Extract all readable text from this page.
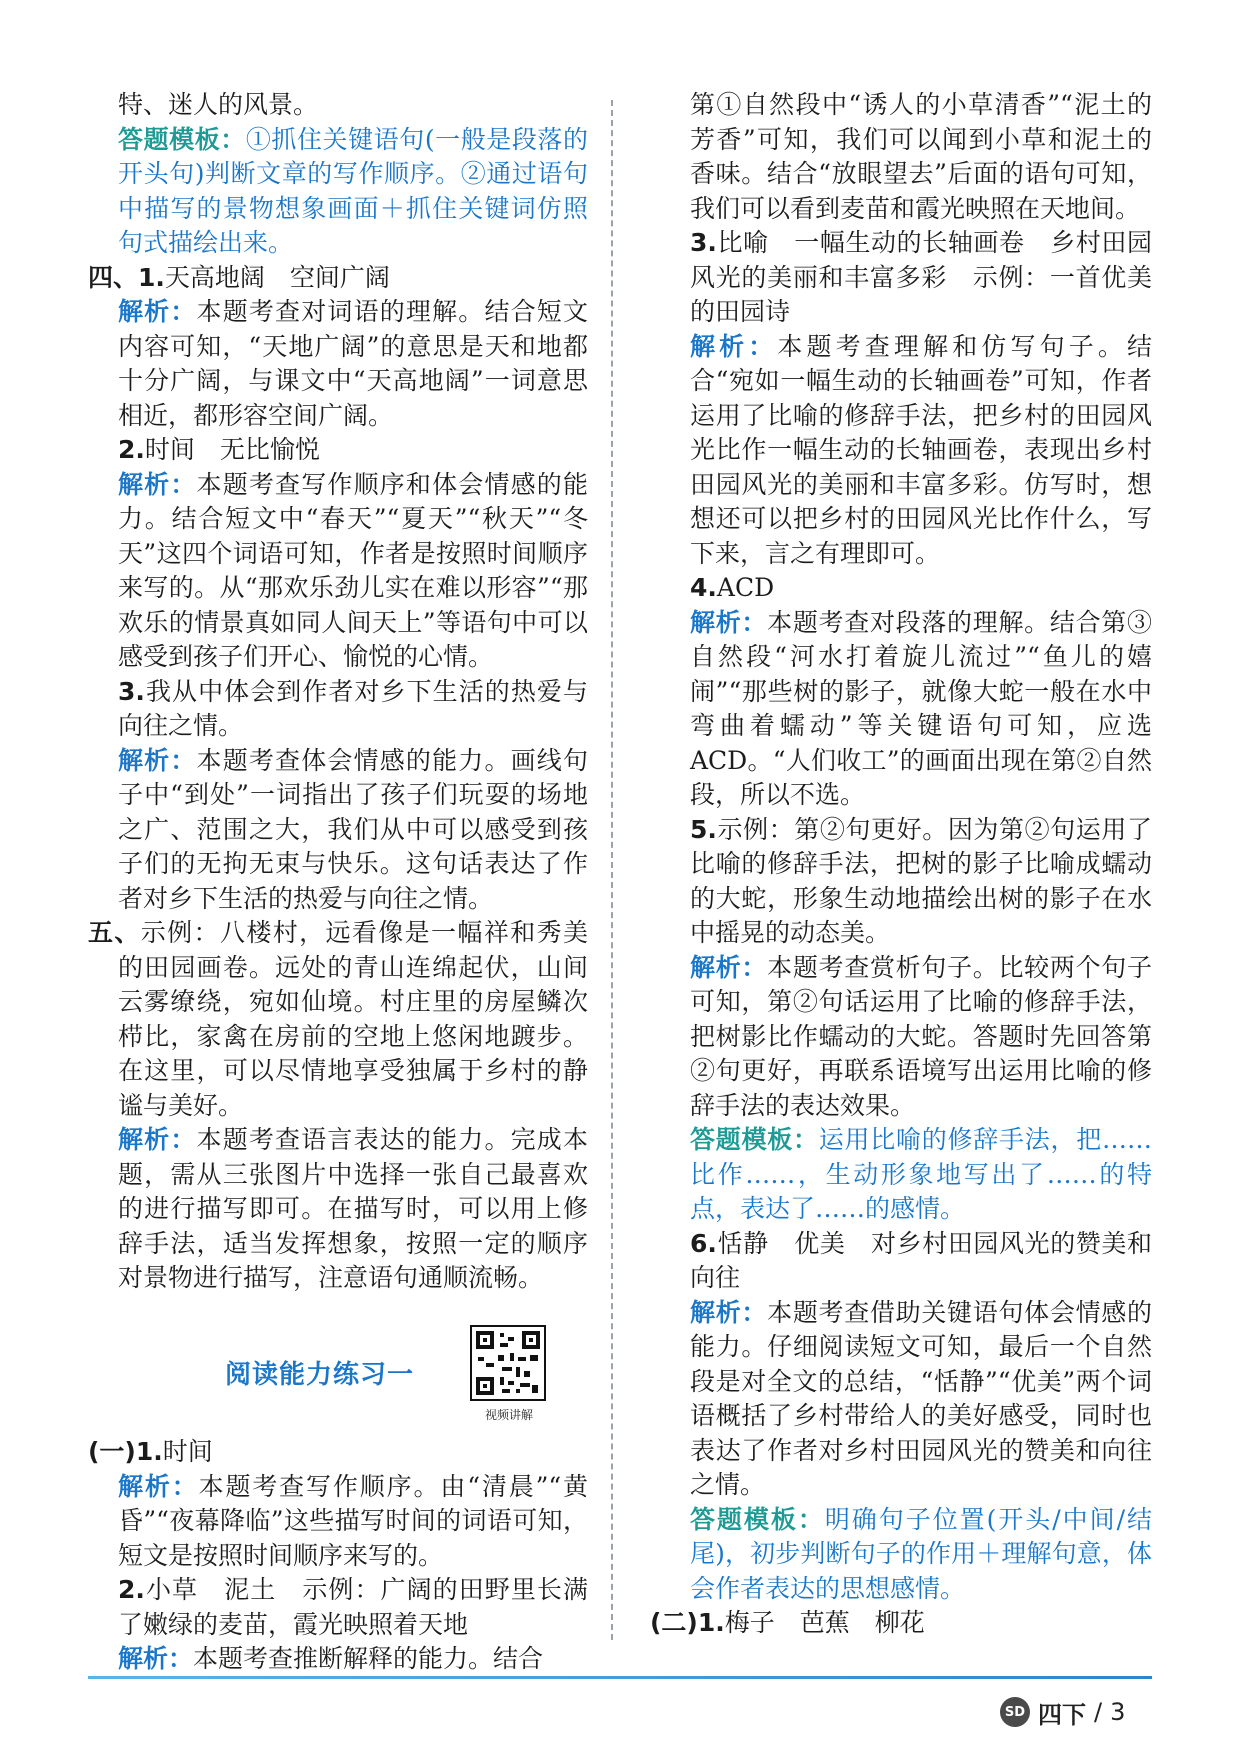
特、迷人的风景。

答题模板：①抓住关键语句(一般是段落的开头句)判断文章的写作顺序。②通过语句中描写的景物想象画面＋抓住关键词仿照句式描绘出来。

四、1.天高地阔　空间广阔

解析：本题考查对词语的理解。结合短文内容可知，“天地广阔”的意思是天和地都十分广阔，与课文中“天高地阔”一词意思相近，都形容空间广阔。

2.时间　无比愉悦

解析：本题考查写作顺序和体会情感的能力。结合短文中“春天”“夏天”“秋天”“冬天”这四个词语可知，作者是按照时间顺序来写的。从“那欢乐劲儿实在难以形容”“那欢乐的情景真如同人间天上”等语句中可以感受到孩子们开心、愉悦的心情。

3.我从中体会到作者对乡下生活的热爱与向往之情。

解析：本题考查体会情感的能力。画线句子中“到处”一词指出了孩子们玩耍的场地之广、范围之大，我们从中可以感受到孩子们的无拘无束与快乐。这句话表达了作者对乡下生活的热爱与向往之情。

五、示例：八楼村，远看像是一幅祥和秀美的田园画卷。远处的青山连绵起伏，山间云雾缭绕，宛如仙境。村庄里的房屋鳞次栉比，家禽在房前的空地上悠闲地踱步。在这里，可以尽情地享受独属于乡村的静谧与美好。

解析：本题考查语言表达的能力。完成本题，需从三张图片中选择一张自己最喜欢的进行描写即可。在描写时，可以用上修辞手法，适当发挥想象，按照一定的顺序对景物进行描写，注意语句通顺流畅。

阅读能力练习一
视频讲解

(一)1.时间

解析：本题考查写作顺序。由“清晨”“黄昏”“夜幕降临”这些描写时间的词语可知，短文是按照时间顺序来写的。

2.小草　泥土　示例：广阔的田野里长满了嫩绿的麦苗，霞光映照着天地

解析：本题考查推断解释的能力。结合

第①自然段中“诱人的小草清香”“泥土的芳香”可知，我们可以闻到小草和泥土的香味。结合“放眼望去”后面的语句可知，我们可以看到麦苗和霞光映照在天地间。

3.比喻　一幅生动的长轴画卷　乡村田园风光的美丽和丰富多彩　示例：一首优美的田园诗

解析：本题考查理解和仿写句子。结合“宛如一幅生动的长轴画卷”可知，作者运用了比喻的修辞手法，把乡村的田园风光比作一幅生动的长轴画卷，表现出乡村田园风光的美丽和丰富多彩。仿写时，想想还可以把乡村的田园风光比作什么，写下来，言之有理即可。

4.ACD

解析：本题考查对段落的理解。结合第③自然段“河水打着旋儿流过”“鱼儿的嬉闹”“那些树的影子，就像大蛇一般在水中弯曲着蠕动”等关键语句可知，应选ACD。“人们收工”的画面出现在第②自然段，所以不选。

5.示例：第②句更好。因为第②句运用了比喻的修辞手法，把树的影子比喻成蠕动的大蛇，形象生动地描绘出树的影子在水中摇晃的动态美。

解析：本题考查赏析句子。比较两个句子可知，第②句话运用了比喻的修辞手法，把树影比作蠕动的大蛇。答题时先回答第②句更好，再联系语境写出运用比喻的修辞手法的表达效果。

答题模板：运用比喻的修辞手法，把……比作……，生动形象地写出了……的特点，表达了……的感情。

6.恬静　优美　对乡村田园风光的赞美和向往

解析：本题考查借助关键语句体会情感的能力。仔细阅读短文可知，最后一个自然段是对全文的总结，“恬静”“优美”两个词语概括了乡村带给人的美好感受，同时也表达了作者对乡村田园风光的赞美和向往之情。

答题模板：明确句子位置(开头/中间/结尾)，初步判断句子的作用＋理解句意，体会作者表达的思想感情。

(二)1.梅子　芭蕉　柳花

SD 四下 / 3
